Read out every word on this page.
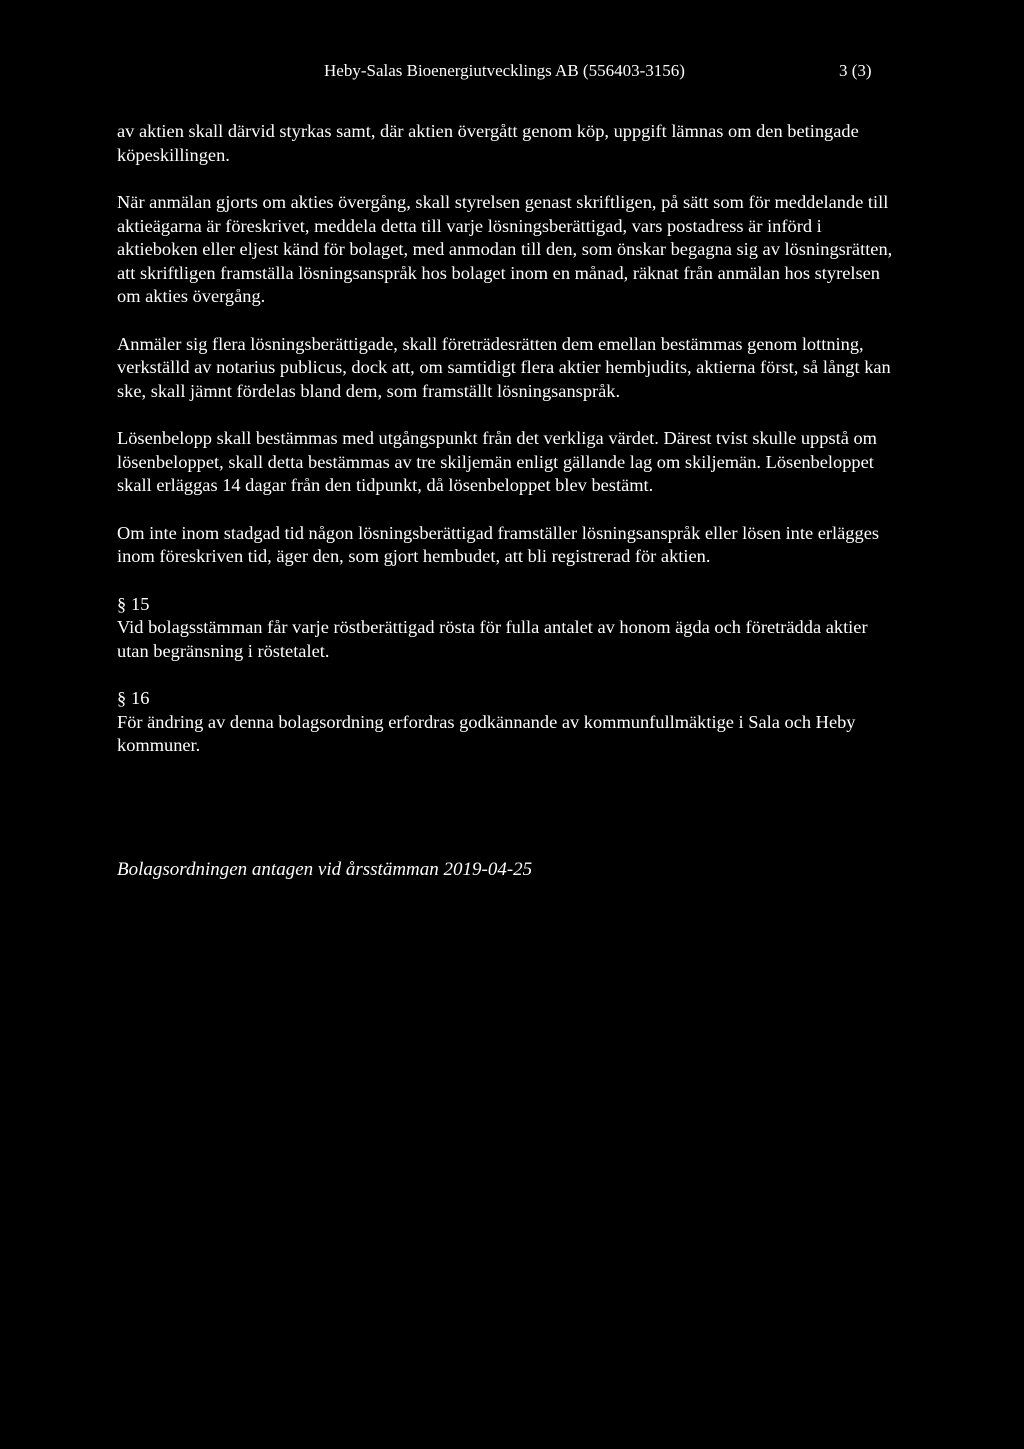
Heby-Salas Bioenergiutvecklings AB (556403-3156)	3 (3)

av aktien skall därvid styrkas samt, där aktien övergått genom köp, uppgift lämnas om den betingade köpeskillingen.

När anmälan gjorts om akties övergång, skall styrelsen genast skriftligen, på sätt som för meddelande till aktieägarna är föreskrivet, meddela detta till varje lösningsberättigad, vars postadress är införd i aktieboken eller eljest känd för bolaget, med anmodan till den, som önskar begagna sig av lösningsrätten, att skriftligen framställa lösningsanspråk hos bolaget inom en månad, räknat från anmälan hos styrelsen om akties övergång.

Anmäler sig flera lösningsberättigade, skall företrädesrätten dem emellan bestämmas genom lottning, verkställd av notarius publicus, dock att, om samtidigt flera aktier hembjudits, aktierna först, så långt kan ske, skall jämnt fördelas bland dem, som framställt lösningsanspråk.

Lösenbelopp skall bestämmas med utgångspunkt från det verkliga värdet. Därest tvist skulle uppstå om lösenbeloppet, skall detta bestämmas av tre skiljemän enligt gällande lag om skiljemän. Lösenbeloppet skall erläggas 14 dagar från den tidpunkt, då lösenbeloppet blev bestämt.

Om inte inom stadgad tid någon lösningsberättigad framställer lösningsanspråk eller lösen inte erlägges inom föreskriven tid, äger den, som gjort hembudet, att bli registrerad för aktien.

§ 15

Vid bolagsstämman får varje röstberättigad rösta för fulla antalet av honom ägda och företrädda aktier utan begränsning i röstetalet.

§ 16

För ändring av denna bolagsordning erfordras godkännande av kommunfullmäktige i Sala och Heby kommuner.

Bolagsordningen antagen vid årsstämman 2019-04-25
